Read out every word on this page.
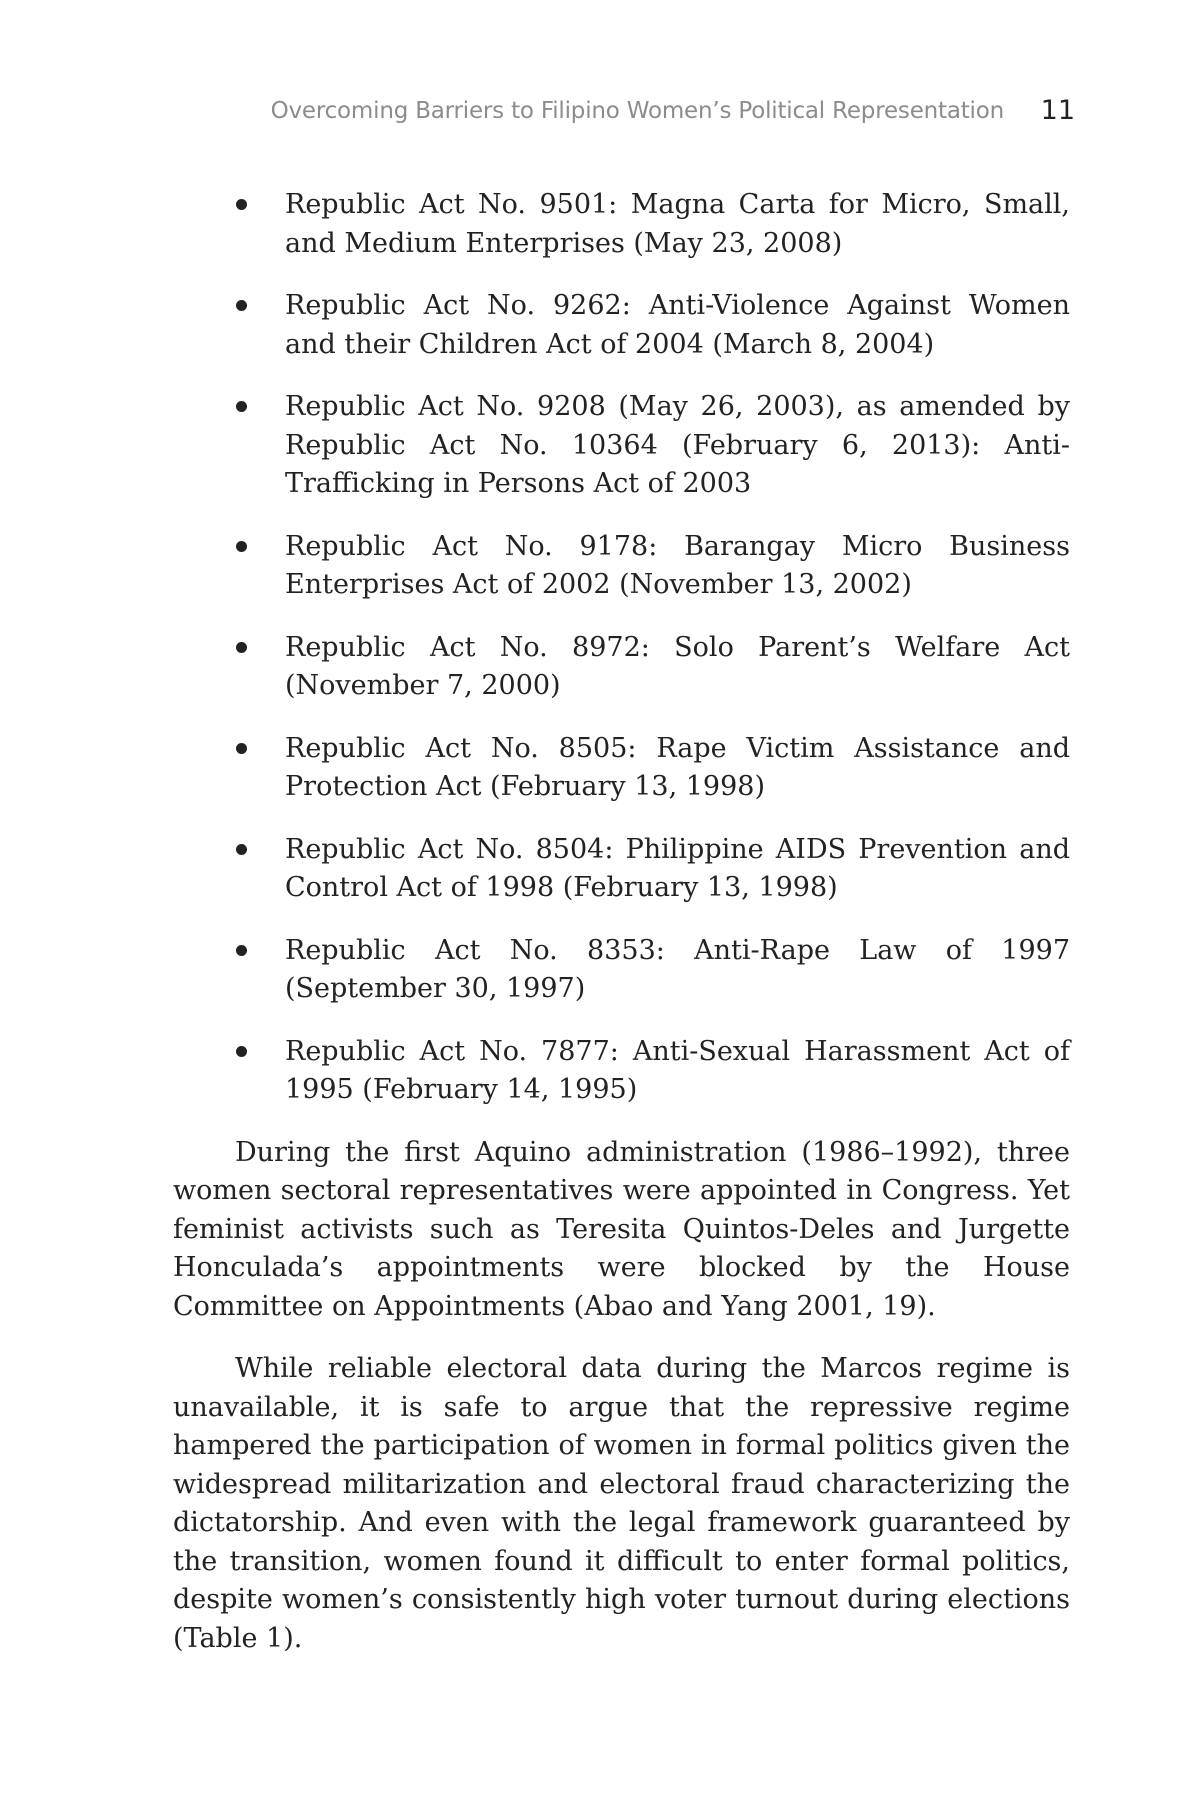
Overcoming Barriers to Filipino Women’s Political Representation 11
Republic Act No. 9501: Magna Carta for Micro, Small, and Medium Enterprises (May 23, 2008)
Republic Act No. 9262: Anti-Violence Against Women and their Children Act of 2004 (March 8, 2004)
Republic Act No. 9208 (May 26, 2003), as amended by Republic Act No. 10364 (February 6, 2013): Anti-Trafficking in Persons Act of 2003
Republic Act No. 9178: Barangay Micro Business Enterprises Act of 2002 (November 13, 2002)
Republic Act No. 8972: Solo Parent’s Welfare Act (November 7, 2000)
Republic Act No. 8505: Rape Victim Assistance and Protection Act (February 13, 1998)
Republic Act No. 8504: Philippine AIDS Prevention and Control Act of 1998 (February 13, 1998)
Republic Act No. 8353: Anti-Rape Law of 1997 (September 30, 1997)
Republic Act No. 7877: Anti-Sexual Harassment Act of 1995 (February 14, 1995)

During the first Aquino administration (1986–1992), three women sectoral representatives were appointed in Congress. Yet feminist activists such as Teresita Quintos-Deles and Jurgette Honculada’s appointments were blocked by the House Committee on Appointments (Abao and Yang 2001, 19).

While reliable electoral data during the Marcos regime is unavailable, it is safe to argue that the repressive regime hampered the participation of women in formal politics given the widespread militarization and electoral fraud characterizing the dictatorship. And even with the legal framework guaranteed by the transition, women found it difficult to enter formal politics, despite women’s consistently high voter turnout during elections (Table 1).
